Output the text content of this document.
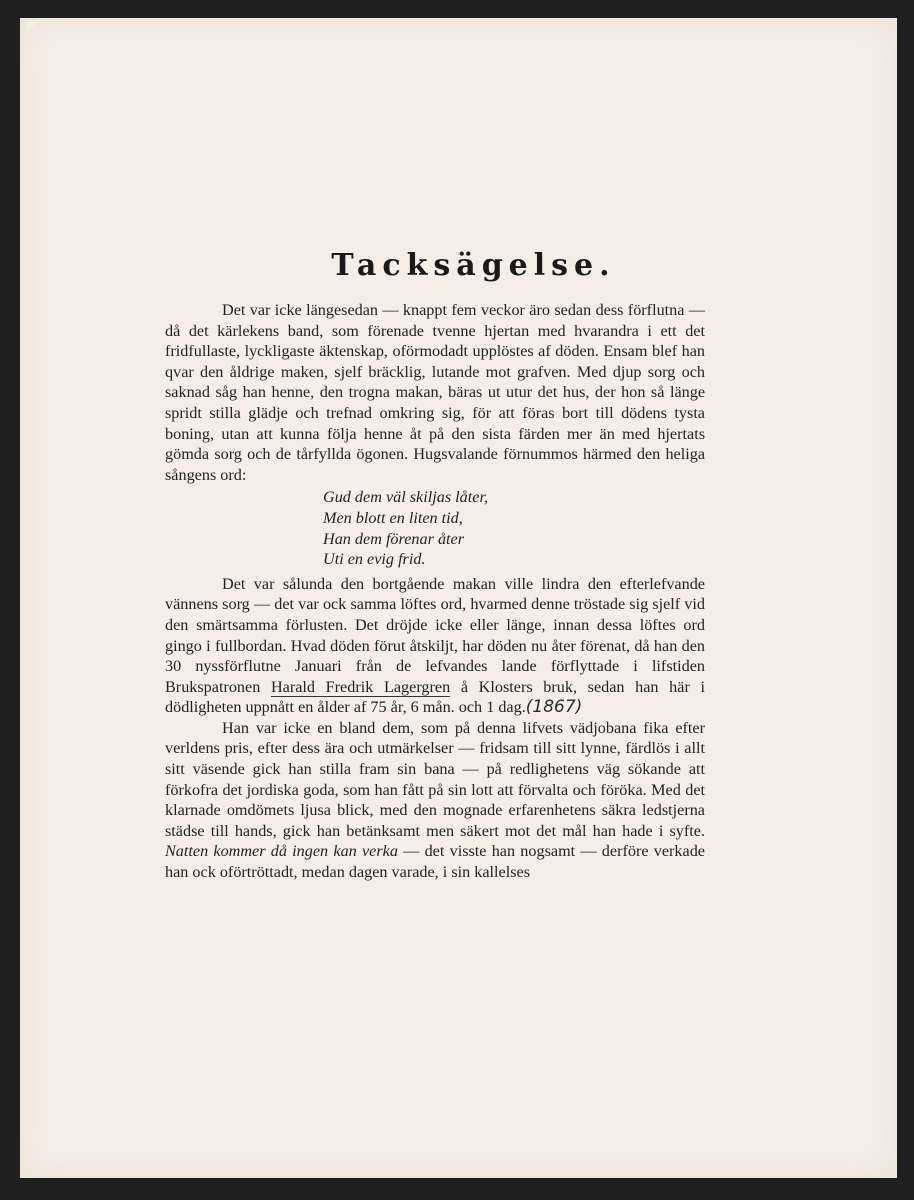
Tacksägelse.

Det var icke längesedan — knappt fem veckor äro sedan dess förflutna — då det kärlekens band, som förenade tvenne hjertan med hvarandra i ett det fridfullaste, lyckligaste äktenskap, oförmodadt upplöstes af döden. Ensam blef han qvar den åldrige maken, sjelf bräcklig, lutande mot grafven. Med djup sorg och saknad såg han henne, den trogna makan, bäras ut utur det hus, der hon så länge spridt stilla glädje och trefnad omkring sig, för att föras bort till dödens tysta boning, utan att kunna följa henne åt på den sista färden mer än med hjertats gömda sorg och de tårfyllda ögonen. Hugsvalande förnummos härmed den heliga sångens ord:

Gud dem väl skiljas låter,
Men blott en liten tid,
Han dem förenar åter
Uti en evig frid.

Det var sålunda den bortgående makan ville lindra den efterlefvande vännens sorg — det var ock samma löftes ord, hvarmed denne tröstade sig sjelf vid den smärtsamma förlusten. Det dröjde icke eller länge, innan dessa löftes ord gingo i fullbordan. Hvad döden förut åtskiljt, har döden nu åter förenat, då han den 30 nyssförflutne Januari från de lefvandes lande förflyttade i lifstiden Brukspatronen Harald Fredrik Lagergren å Klosters bruk, sedan han här i dödligheten uppnått en ålder af 75 år, 6 mån. och 1 dag.(1867)

Han var icke en bland dem, som på denna lifvets vädjobana fika efter verldens pris, efter dess ära och utmärkelser — fridsam till sitt lynne, färdlös i allt sitt väsende gick han stilla fram sin bana — på redlighetens väg sökande att förkofra det jordiska goda, som han fått på sin lott att förvalta och föröka. Med det klarnade omdömets ljusa blick, med den mognade erfarenhetens säkra ledstjerna städse till hands, gick han betänksamt men säkert mot det mål han hade i syfte. Natten kommer då ingen kan verka — det visste han nogsamt — derföre verkade han ock oförtröttadt, medan dagen varade, i sin kallelses
